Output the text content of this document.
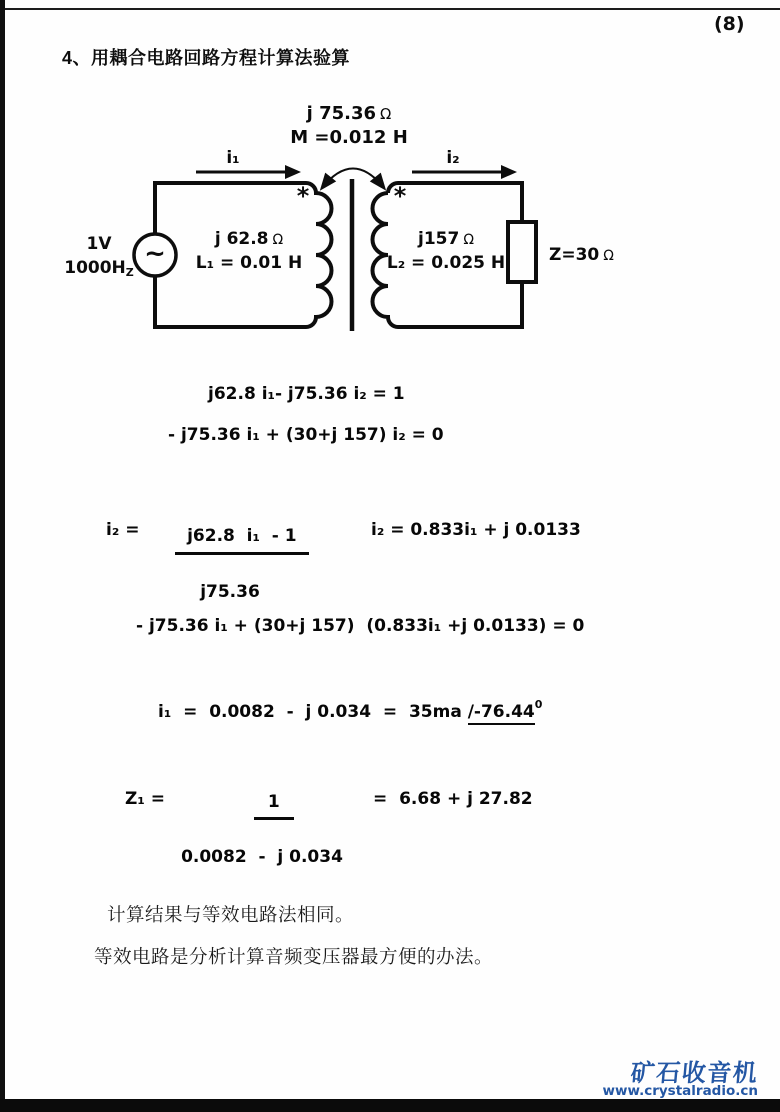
(8)
4、用耦合电路回路方程计算法验算
j 75.36 Ω
M =0.012 H
i₁	i₂
1V
1000HZ
~
*	*
j 62.8 Ω
L₁ = 0.01 H
j157 Ω
L₂ = 0.025 H	Z=30 Ω
j62.8 i₁- j75.36 i₂ = 1
- j75.36 i₁ + (30+j 157) i₂ = 0
$i_2 = \frac{\text{j62.8  i₁  - 1}}{j75.36}$

	i₂ = 0.833i₁ + j 0.0133
- j75.36 i₁ + (30+j 157)  (0.833i₁ +j 0.0133) = 0
i₁  =  0.0082  -  j 0.034  =  35ma /-76.44$^0$
$Z_1 = \frac{1}{0.0082 - j 0.034}$

=  6.68 + j 27.82
计算结果与等效电路法相同。
等效电路是分析计算音频变压器最方便的办法。
矿石收音机
www.crystalradio.cn
